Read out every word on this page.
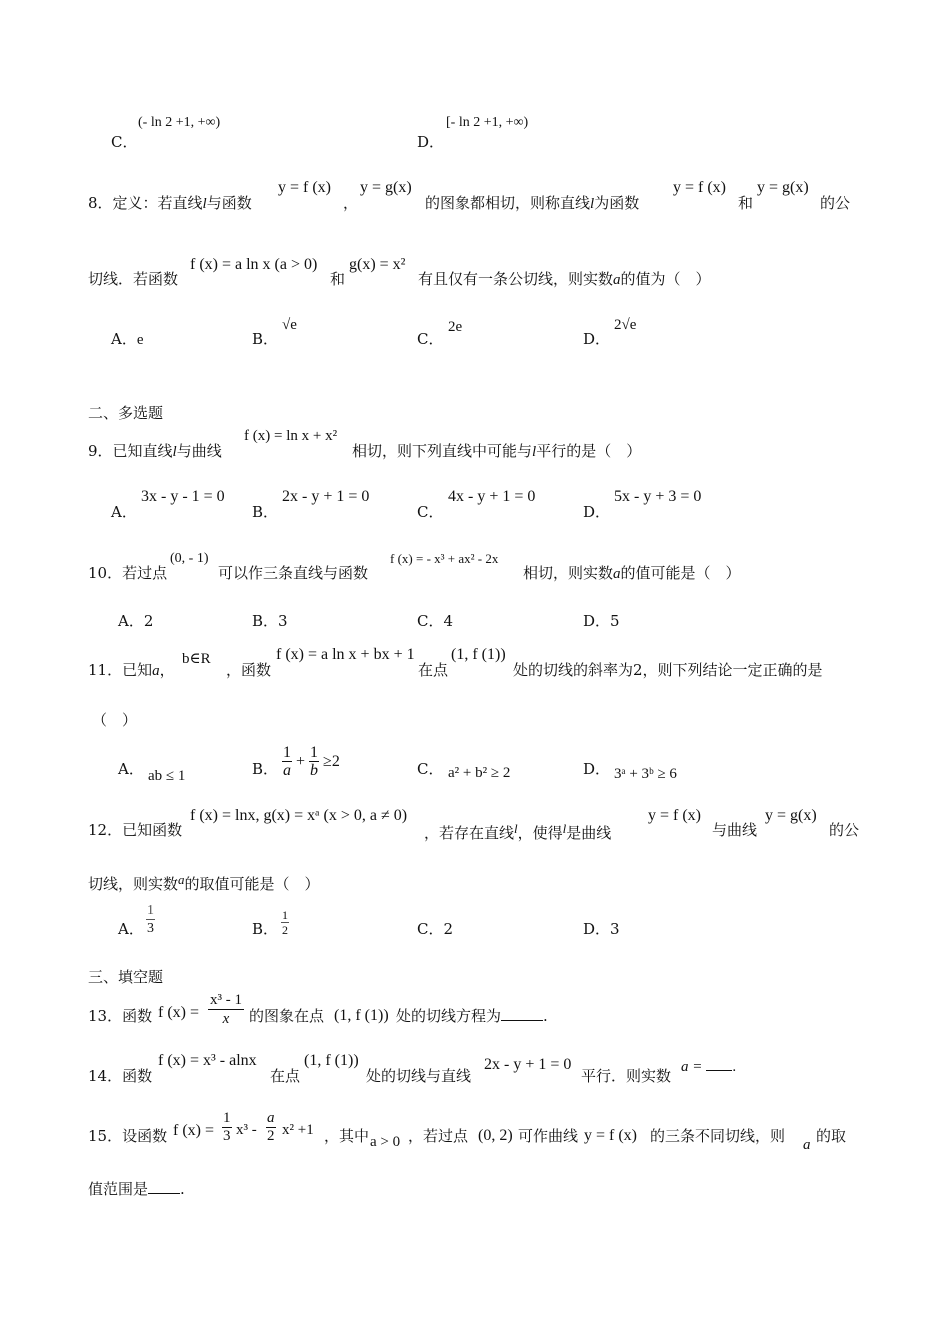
C．
(- ln 2 +1, +∞)
D．
[- ln 2 +1, +∞)
8．定义：若直线l与函数
y = f (x)
，
y = g(x)
的图象都相切，则称直线l为函数
y = f (x)
和
y = g(x)
的公
切线．若函数
f (x) = a ln x (a > 0)
和
g(x) = x²
有且仅有一条公切线，则实数a的值为（　）
A．e	B．
√e
C．
2e
D．
2√e
二、多选题
9．已知直线l与曲线
f (x) = ln x + x²
相切，则下列直线中可能与l平行的是（　）
A．
3x - y - 1 = 0
B．
2x - y + 1 = 0
C．
4x - y + 1 = 0
D．
5x - y + 3 = 0
10．若过点
(0, - 1)
可以作三条直线与函数
f (x) = - x³ + ax² - 2x
相切，则实数a的值可能是（　）
A．2	B．3	C．4	D．5
11．已知a，
b∈R
，函数
f (x) = a ln x + bx + 1
在点
(1, f (1))
处的切线的斜率为2，则下列结论一定正确的是
（　）
A． ab ≤ 1	B． $\frac{1}{a} + \frac{1}{b} \ge 2$	C． a² + b² ≥ 2	D． 3ᵃ + 3ᵇ ≥ 6
12．已知函数
f (x) = lnx, g(x) = xᵃ (x > 0, a ≠ 0)
，若存在直线l，使得l是曲线
y = f (x)
与曲线
y = g(x)
的公
切线，则实数a的取值可能是（　）
A．
1
3	B．
1
2	C．2	D．3
三、填空题
13．函数 f (x) =
x³ - 1
x	的图象在点 (1, f (1)) 处的切线方程为	.
14．函数
f (x) = x³ - alnx
在点
(1, f (1))
处的切线与直线
2x - y + 1 = 0
平行．则实数 a = .
15．设函数 f (x) =
1
3 x³ -
a
2 x² +1 ，其中 a > 0 ，若过点 (0, 2) 可作曲线 y = f (x) 的三条不同切线，则 a 的取
值范围是 .
